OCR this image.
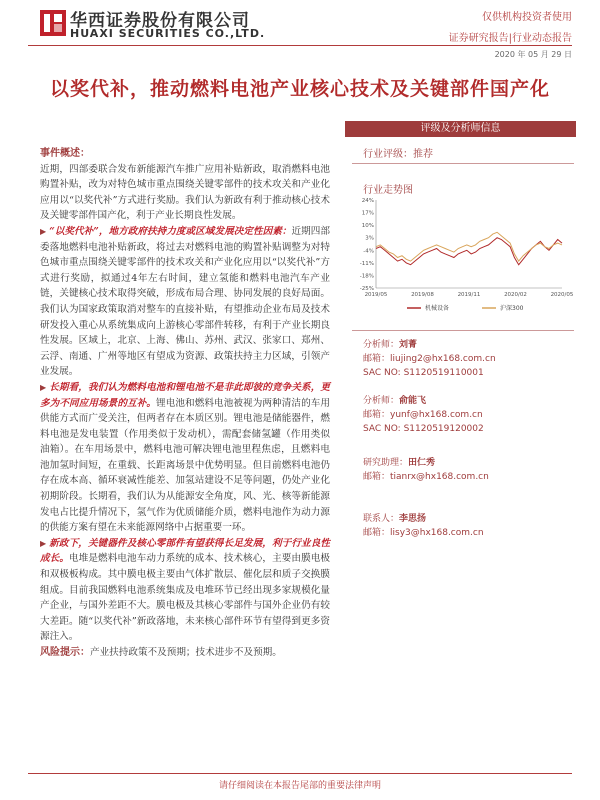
华西证券股份有限公司
HUAXI SECURITIES CO.,LTD.
仅供机构投资者使用
证券研究报告|行业动态报告
2020 年 05 月 29 日
以奖代补，推动燃料电池产业核心技术及关键部件国产化
评级及分析师信息
行业评级：推荐
行业走势图
24%
17%
10%
3%
-4%
-11%
-18%
-25%
2019/05	2019/08	2019/11	2020/02	2020/05
机械设备	沪深300
分析师：刘菁
邮箱：liujing2@hx168.com.cn
SAC NO: S1120519110001
分析师：俞能飞
邮箱：yunf@hx168.com.cn
SAC NO: S1120519120002
研究助理：田仁秀
邮箱：tianrx@hx168.com.cn
联系人：李思扬
邮箱：lisy3@hx168.com.cn
事件概述：

近期，四部委联合发布新能源汽车推广应用补贴新政，取消燃料电池购置补贴，改为对特色城市重点围绕关键零部件的技术攻关和产业化应用以“以奖代补”方式进行奖励。我们认为新政有利于推动核心技术及关键零部件国产化，利于产业长期良性发展。

▶ “以奖代补”，地方政府扶持力度或区域发展决定性因素：近期四部委落地燃料电池补贴新政，将过去对燃料电池的购置补贴调整为对特色城市重点围绕关键零部件的技术攻关和产业化应用以“以奖代补”方式进行奖励，拟通过4年左右时间，建立氢能和燃料电池汽车产业链，关键核心技术取得突破，形成布局合理、协同发展的良好局面。我们认为国家政策取消对整车的直接补贴，有望推动企业布局及技术研发投入重心从系统集成向上游核心零部件转移，有利于产业长期良性发展。区域上，北京、上海、佛山、苏州、武汉、张家口、郑州、云浮、南通、广州等地区有望成为资源、政策扶持主力区域，引领产业发展。

▶ 长期看，我们认为燃料电池和锂电池不是非此即彼的竞争关系，更多为不同应用场景的互补。锂电池和燃料电池被视为两种清洁的车用供能方式而广受关注，但两者存在本质区别。锂电池是储能器件，燃料电池是发电装置（作用类似于发动机），需配套储氢罐（作用类似油箱）。在车用场景中，燃料电池可解决锂电池里程焦虑，且燃料电池加氢时间短，在重载、长距离场景中优势明显。但目前燃料电池仍存在成本高、循环衰减性能差、加氢站建设不足等问题，仍处产业化初期阶段。长期看，我们认为从能源安全角度，风、光、核等新能源发电占比提升情况下，氢气作为优质储能介质，燃料电池作为动力源的供能方案有望在未来能源网络中占据重要一环。

▶ 新政下，关键器件及核心零部件有望获得长足发展，利于行业良性成长。电堆是燃料电池车动力系统的成本、技术核心，主要由膜电极和双极板构成。其中膜电极主要由气体扩散层、催化层和质子交换膜组成。目前我国燃料电池系统集成及电堆环节已经出现多家规模化量产企业，与国外差距不大。膜电极及其核心零部件与国外企业仍有较大差距。随“以奖代补”新政落地，未来核心部件环节有望得到更多资源注入。

风险提示：产业扶持政策不及预期；技术进步不及预期。

请仔细阅读在本报告尾部的重要法律声明
